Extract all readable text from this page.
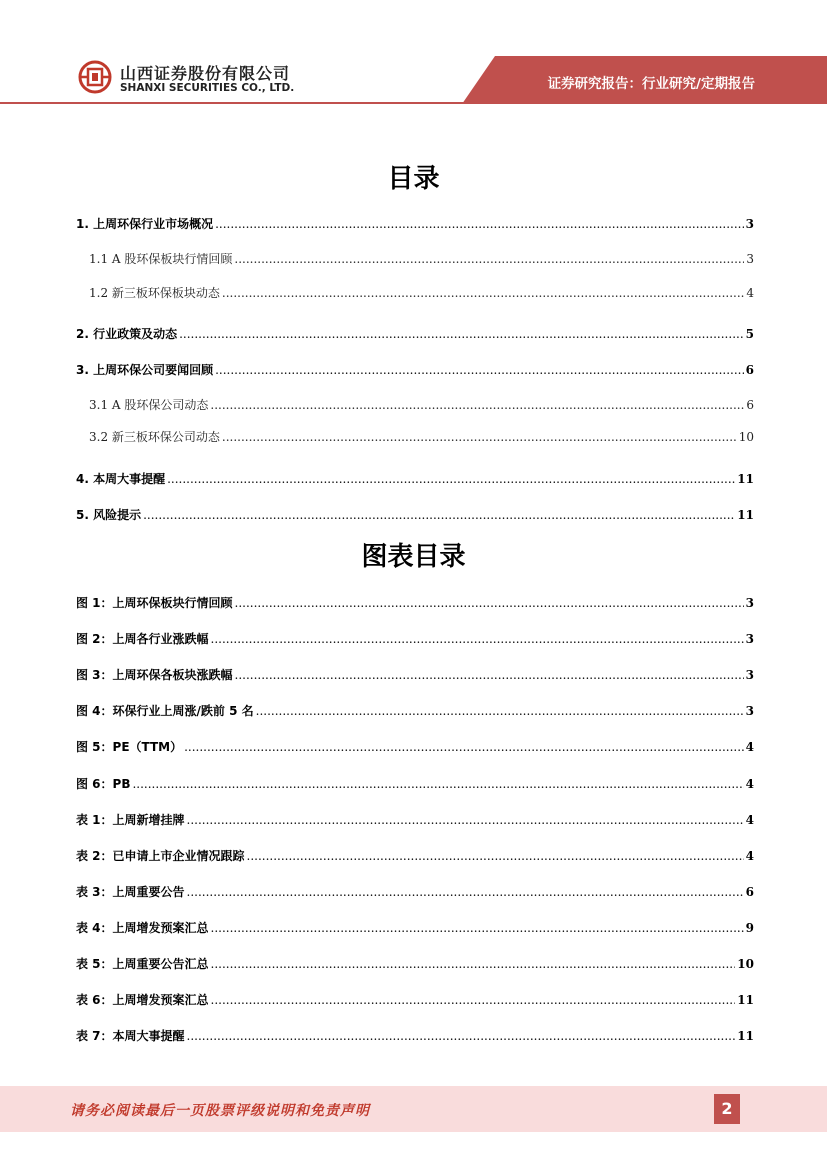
山西证券股份有限公司
SHANXI SECURITIES CO., LTD.	证券研究报告：行业研究/定期报告
目录
1. 上周环保行业市场概况 .....	3
1.1 A 股环保板块行情回顾 .....	3
1.2 新三板环保板块动态 .....	4
2. 行业政策及动态 .....	5
3. 上周环保公司要闻回顾 .....	6
3.1 A 股环保公司动态 .....	6
3.2 新三板环保公司动态 .....	10
4. 本周大事提醒 .....	11
5. 风险提示 .....	11
图表目录
图 1：上周环保板块行情回顾 .....	3
图 2：上周各行业涨跌幅 .....	3
图 3：上周环保各板块涨跌幅 .....	3
图 4：环保行业上周涨/跌前 5 名 .....	3
图 5：PE（TTM） .....	4
图 6：PB .....	4
表 1：上周新增挂牌 .....	4
表 2：已申请上市企业情况跟踪 .....	4
表 3：上周重要公告 .....	6
表 4：上周增发预案汇总 .....	9
表 5：上周重要公告汇总 .....	10
表 6：上周增发预案汇总 .....	11
表 7：本周大事提醒 .....	11
请务必阅读最后一页股票评级说明和免责声明	2
